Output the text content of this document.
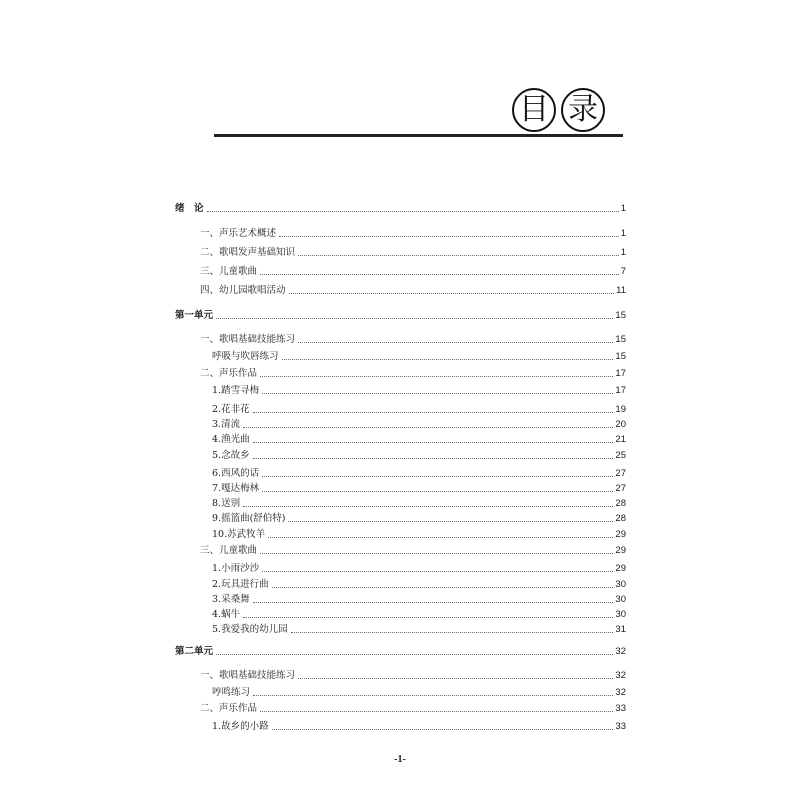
目 录
绪　论	1
一、声乐艺术概述	1
二、歌唱发声基础知识	1
三、儿童歌曲	7
四、幼儿园歌唱活动	11
第一单元	15
一、歌唱基础技能练习	15
呼吸与吹唇练习	15
二、声乐作品	17
1.踏雪寻梅	17
2.花非花	19
3.清流	20
4.渔光曲	21
5.念故乡	25
6.西风的话	27
7.嘎达梅林	27
8.送别	28
9.摇篮曲(舒伯特)	28
10.苏武牧羊	29
三、儿童歌曲	29
1.小雨沙沙	29
2.玩具进行曲	30
3.采桑舞	30
4.蜗牛	30
5.我爱我的幼儿园	31
第二单元	32
一、歌唱基础技能练习	32
哼鸣练习	32
二、声乐作品	33
1.故乡的小路	33
-1-
